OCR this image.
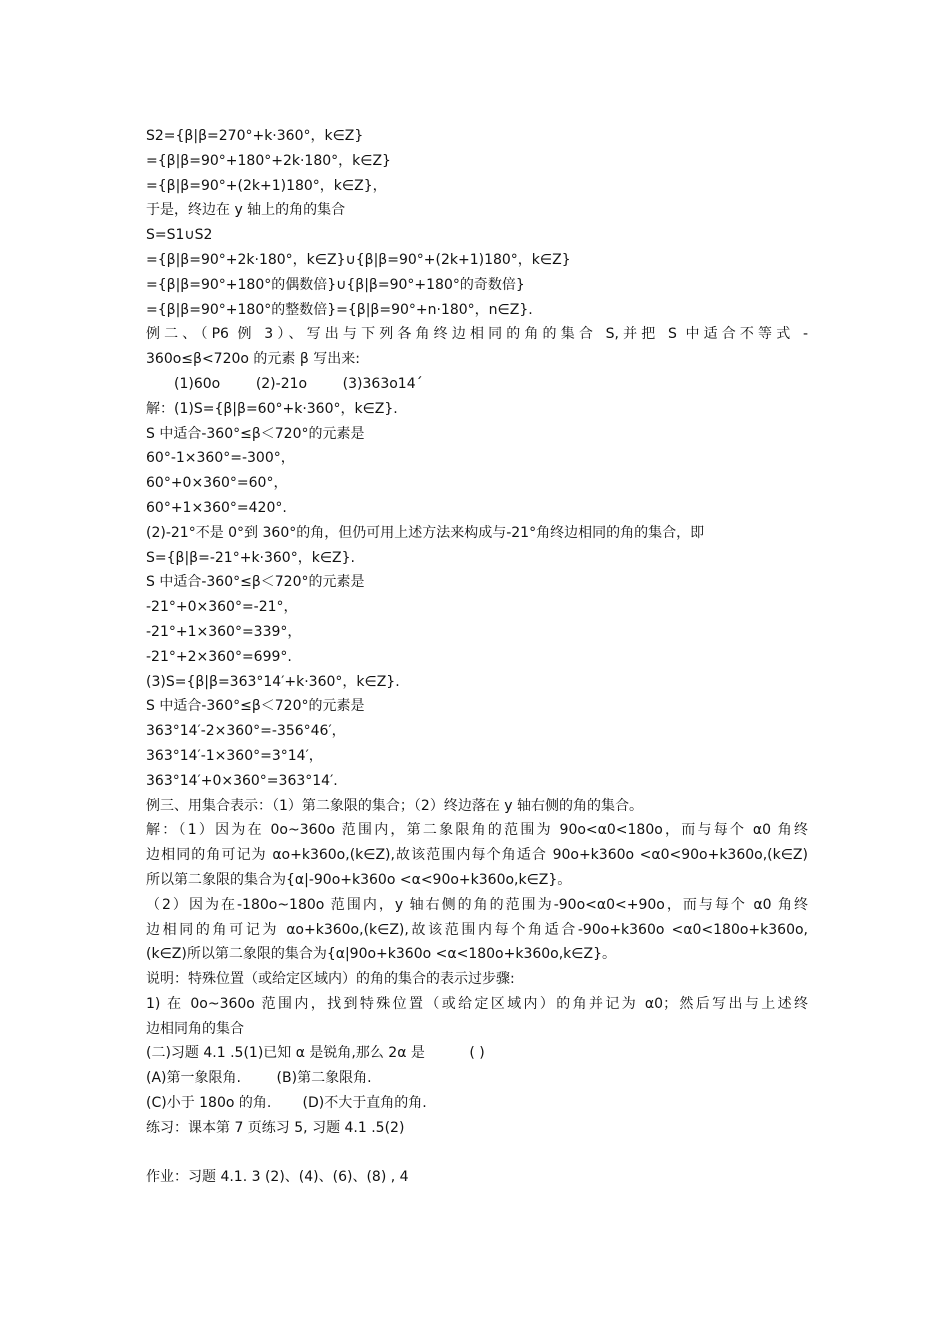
S2={β|β=270°+k·360°，k∈Z}
={β|β=90°+180°+2k·180°，k∈Z}
={β|β=90°+(2k+1)180°，k∈Z}，
于是，终边在 y 轴上的角的集合
S=S1∪S2
={β|β=90°+2k·180°，k∈Z}∪{β|β=90°+(2k+1)180°，k∈Z}
={β|β=90°+180°的偶数倍}∪{β|β=90°+180°的奇数倍}
={β|β=90°+180°的整数倍}={β|β=90°+n·180°，n∈Z}.
例二、（P6 例 3）、写出与下列各角终边相同的角的集合 S,并把 S 中适合不等式 -
360o≤β<720o 的元素 β 写出来:
(1)60o        (2)-21o        (3)363o14´
解：(1)S={β|β=60°+k·360°，k∈Z}.
S 中适合-360°≤β＜720°的元素是
60°-1×360°=-300°，
60°+0×360°=60°，
60°+1×360°=420°.
(2)-21°不是 0°到 360°的角，但仍可用上述方法来构成与-21°角终边相同的角的集合，即
S={β|β=-21°+k·360°，k∈Z}.
S 中适合-360°≤β＜720°的元素是
-21°+0×360°=-21°，
-21°+1×360°=339°，
-21°+2×360°=699°.
(3)S={β|β=363°14′+k·360°，k∈Z}.
S 中适合-360°≤β＜720°的元素是
363°14′-2×360°=-356°46′，
363°14′-1×360°=3°14′，
363°14′+0×360°=363°14′.
例三、用集合表示：（1）第二象限的集合；（2）终边落在 y 轴右侧的角的集合。
解：（1）因为在 0o~360o 范围内，第二象限角的范围为 90o<α0<180o，而与每个 α0 角终
边相同的角可记为 αo+k360o,(k∈Z),故该范围内每个角适合 90o+k360o <α0<90o+k360o,(k∈Z)
所以第二象限的集合为{α|-90o+k360o <α<90o+k360o,k∈Z}。
（2）因为在-180o~180o 范围内，y 轴右侧的角的范围为-90o<α0<+90o，而与每个 α0 角终
边相同的角可记为 αo+k360o,(k∈Z),故该范围内每个角适合-90o+k360o <α0<180o+k360o,
(k∈Z)所以第二象限的集合为{α|90o+k360o <α<180o+k360o,k∈Z}。
说明：特殊位置（或给定区域内）的角的集合的表示过步骤:
1) 在 0o~360o 范围内，找到特殊位置（或给定区域内）的角并记为 α0；然后写出与上述终
边相同角的集合
(二)习题 4.1 .5(1)已知 α 是锐角,那么 2α 是          ( )
(A)第一象限角.        (B)第二象限角.
(C)小于 180o 的角.       (D)不大于直角的角.
练习：课本第 7 页练习 5, 习题 4.1 .5(2)
作业：习题 4.1. 3 (2)、(4)、(6)、(8) , 4
